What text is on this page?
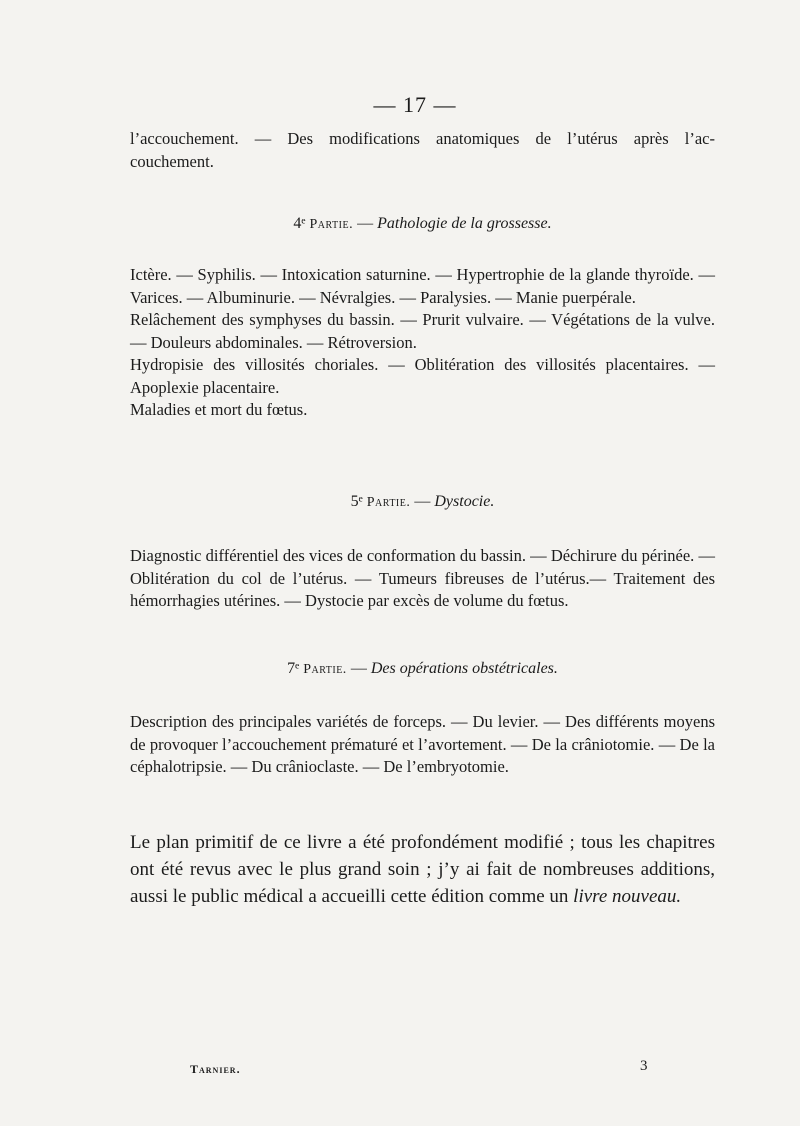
— 17 —

l’accouchement. — Des modifications anatomiques de l’utérus après l’ac-

couchement.

4ᵉ Partie. — Pathologie de la grossesse.

Ictère. — Syphilis. — Intoxication saturnine. — Hypertrophie de la glande thyroïde. — Varices. — Albuminurie. — Névralgies. — Paralysies. — Manie puerpérale.

Relâchement des symphyses du bassin. — Prurit vulvaire. — Végétations de la vulve. — Douleurs abdominales. — Rétroversion.

Hydropisie des villosités choriales. — Oblitération des villosités placentaires. — Apoplexie placentaire.

Maladies et mort du fœtus.

5ᵉ Partie. — Dystocie.

Diagnostic différentiel des vices de conformation du bassin. — Déchirure du périnée. — Oblitération du col de l’utérus. — Tumeurs fibreuses de l’utérus.— Traitement des hémorrhagies utérines. — Dystocie par excès de volume du fœtus.

7ᵉ Partie. — Des opérations obstétricales.

Description des principales variétés de forceps. — Du levier. — Des différents moyens de provoquer l’accouchement prématuré et l’avortement. — De la crâniotomie. — De la céphalotripsie. — Du crânioclaste. — De l’embryotomie.

Le plan primitif de ce livre a été profondément modifié ; tous les chapitres ont été revus avec le plus grand soin ; j’y ai fait de nombreuses additions, aussi le public médical a accueilli cette édition comme un livre nouveau.
Tarnier.	3
